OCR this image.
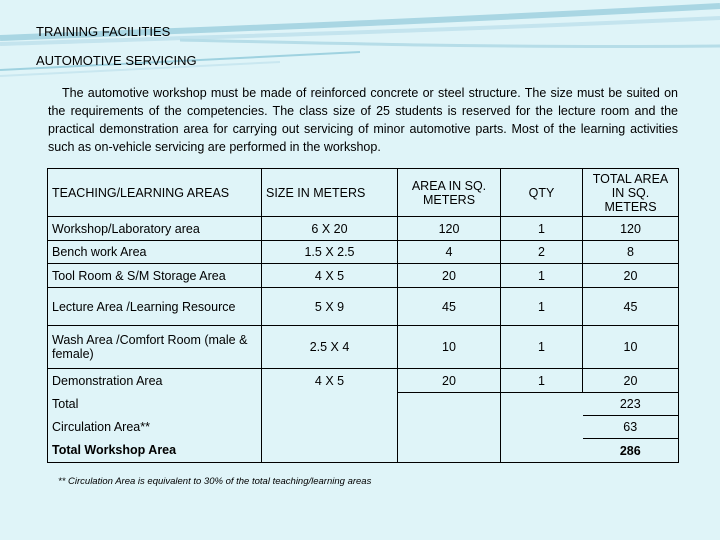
TRAINING FACILITIES
AUTOMOTIVE SERVICING
The automotive workshop must be made of reinforced concrete or steel structure. The size must be suited on the requirements of the competencies. The class size of 25 students is reserved for the lecture room and the practical demonstration area for carrying out servicing of minor automotive parts. Most of the learning activities such as on-vehicle servicing are performed in the workshop.
TEACHING/LEARNING AREAS	SIZE IN METERS	AREA IN SQ. METERS	QTY	TOTAL AREA IN SQ. METERS
Workshop/Laboratory area	6 X 20	120	1	120
Bench work Area	1.5 X 2.5	4	2	8
Tool Room & S/M Storage Area	4 X 5	20	1	20
Lecture Area /Learning Resource	5 X 9	45	1	45
Wash Area /Comfort Room (male & female)	2.5 X 4	10	1	10
Demonstration Area	4 X 5	20	1	20
Total				223
Circulation Area**				63
Total Workshop Area				286
** Circulation Area is equivalent to 30% of the total teaching/learning areas
